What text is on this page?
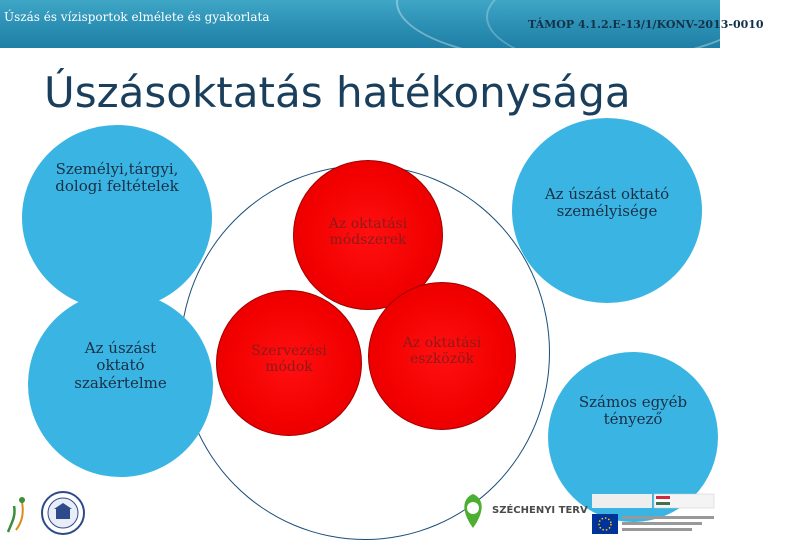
Úszás és vízisportok elmélete és gyakorlata
TÁMOP 4.1.2.E-13/1/KONV-2013-0010
Úszásoktatás hatékonysága
Személyi,tárgyi, dologi feltételek
Az úszást oktató szakértelme
Az úszást oktató személyisége
Számos egyéb tényező
Az oktatási módszerek
Szervezési módok
Az oktatási eszközök
SZÉCHENYI TERV
